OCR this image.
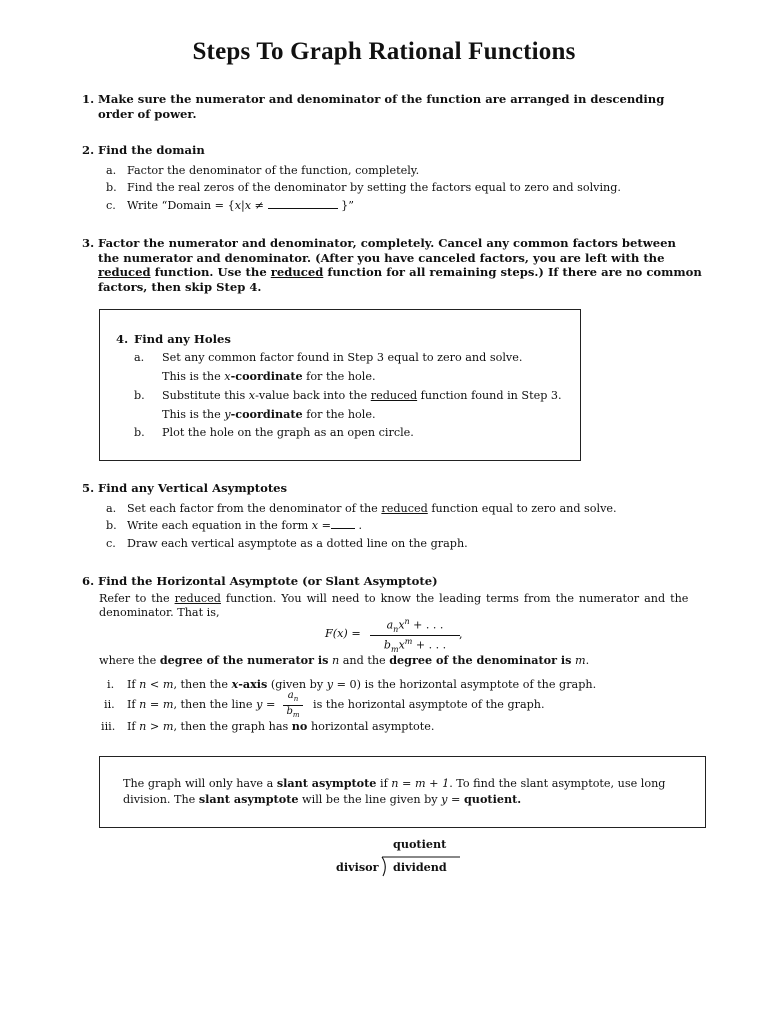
Steps To Graph Rational Functions
1. Make sure the numerator and denominator of the function are arranged in descending order of power.
2. Find the domain
a. Factor the denominator of the function, completely.
b. Find the real zeros of the denominator by setting the factors equal to zero and solving.
c. Write “Domain = {x|x ≠	}”
3. Factor the numerator and denominator, completely. Cancel any common factors between
the numerator and denominator. (After you have canceled factors, you are left with the
reduced function. Use the reduced function for all remaining steps.) If there are no common
factors, then skip Step 4.
4. Find any Holes
a. Set any common factor found in Step 3 equal to zero and solve.
This is the x-coordinate for the hole.
b. Substitute this x-value back into the reduced function found in Step 3.
This is the y-coordinate for the hole.
b. Plot the hole on the graph as an open circle.
5. Find any Vertical Asymptotes
a. Set each factor from the denominator of the reduced function equal to zero and solve.
b. Write each equation in the form x = .
c. Draw each vertical asymptote as a dotted line on the graph.
6. Find the Horizontal Asymptote (or Slant Asymptote)
Refer to the reduced function. You will need to know the leading terms from the numerator and the
denominator. That is,
F(x) =
$a_nx^n$ + . . .
$b_mx^m$ + . . .
,
where the degree of the numerator is n and the degree of the denominator is m.
i. If n < m, then the x-axis (given by y = 0) is the horizontal asymptote of the graph.
ii. If n = m, then the line $y = \frac{a_n}{b_m}$ is the horizontal asymptote of the graph.
iii. If n > m, then the graph has no horizontal asymptote.
The graph will only have a slant asymptote if n = m + 1. To find the slant asymptote, use long
division. The slant asymptote will be the line given by y = quotient.
quotient
divisor dividend
